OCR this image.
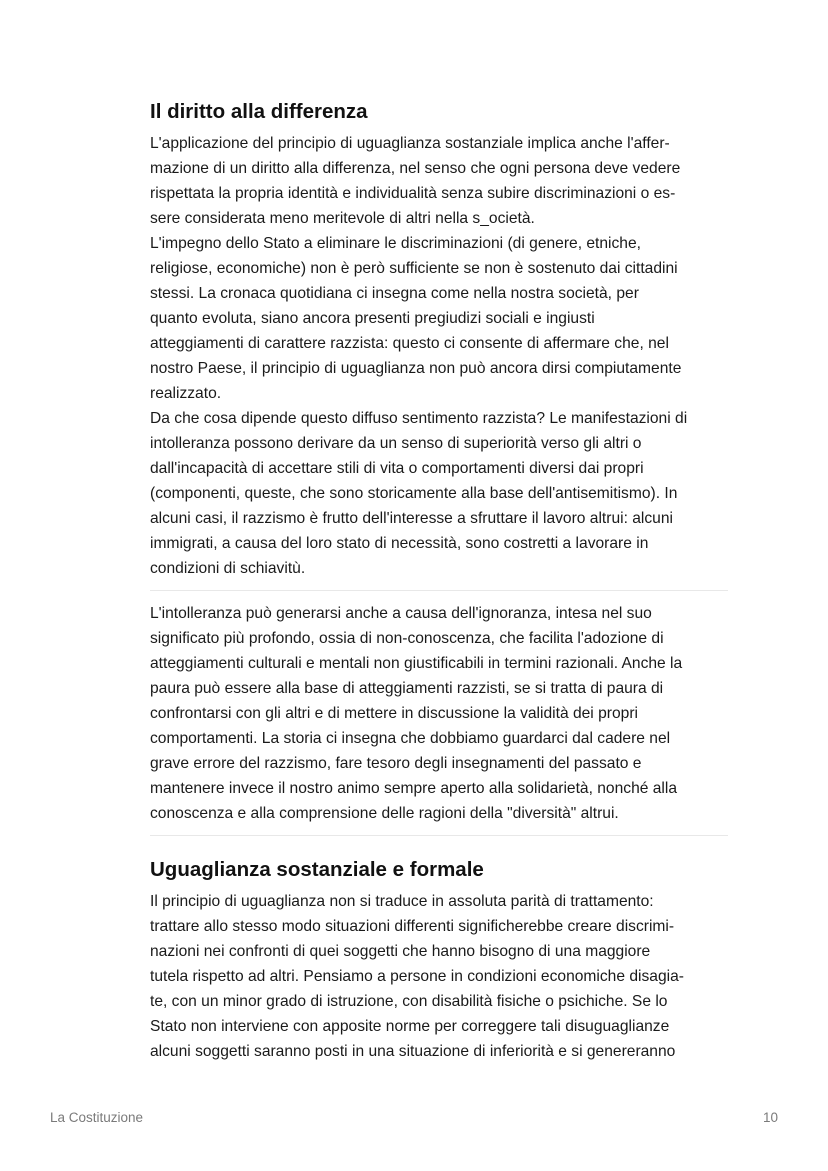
Il diritto alla differenza

L'applicazione del principio di uguaglianza sostanziale implica anche l'affer-
mazione di un diritto alla differenza, nel senso che ogni persona deve vedere
rispettata la propria identità e individualità senza subire discriminazioni o es-
sere considerata meno meritevole di altri nella s_ocietà.
L'impegno dello Stato a eliminare le discriminazioni (di genere, etniche,
religiose, economiche) non è però sufficiente se non è sostenuto dai cittadini
stessi. La cronaca quotidiana ci insegna come nella nostra società, per
quanto evoluta, siano ancora presenti pregiudizi sociali e ingiusti
atteggiamenti di carattere razzista: questo ci consente di affermare che, nel
nostro Paese, il principio di uguaglianza non può ancora dirsi compiutamente
realizzato.
Da che cosa dipende questo diffuso sentimento razzista? Le manifestazioni di
intolleranza possono derivare da un senso di superiorità verso gli altri o
dall'incapacità di accettare stili di vita o comportamenti diversi dai propri
(componenti, queste, che sono storicamente alla base dell'antisemitismo). In
alcuni casi, il razzismo è frutto dell'interesse a sfruttare il lavoro altrui: alcuni
immigrati, a causa del loro stato di necessità, sono costretti a lavorare in
condizioni di schiavitù.

L'intolleranza può generarsi anche a causa dell'ignoranza, intesa nel suo
significato più profondo, ossia di non-conoscenza, che facilita l'adozione di
atteggiamenti culturali e mentali non giustificabili in termini razionali. Anche la
paura può essere alla base di atteggiamenti razzisti, se si tratta di paura di
confrontarsi con gli altri e di mettere in discussione la validità dei propri
comportamenti. La storia ci insegna che dobbiamo guardarci dal cadere nel
grave errore del razzismo, fare tesoro degli insegnamenti del passato e
mantenere invece il nostro animo sempre aperto alla solidarietà, nonché alla
conoscenza e alla comprensione delle ragioni della "diversità" altrui.

Uguaglianza sostanziale e formale

Il principio di uguaglianza non si traduce in assoluta parità di trattamento:
trattare allo stesso modo situazioni differenti significherebbe creare discrimi-
nazioni nei confronti di quei soggetti che hanno bisogno di una maggiore
tutela rispetto ad altri. Pensiamo a persone in condizioni economiche disagia-
te, con un minor grado di istruzione, con disabilità fisiche o psichiche. Se lo
Stato non interviene con apposite norme per correggere tali disuguaglianze
alcuni soggetti saranno posti in una situazione di inferiorità e si genereranno

La Costituzione	10
